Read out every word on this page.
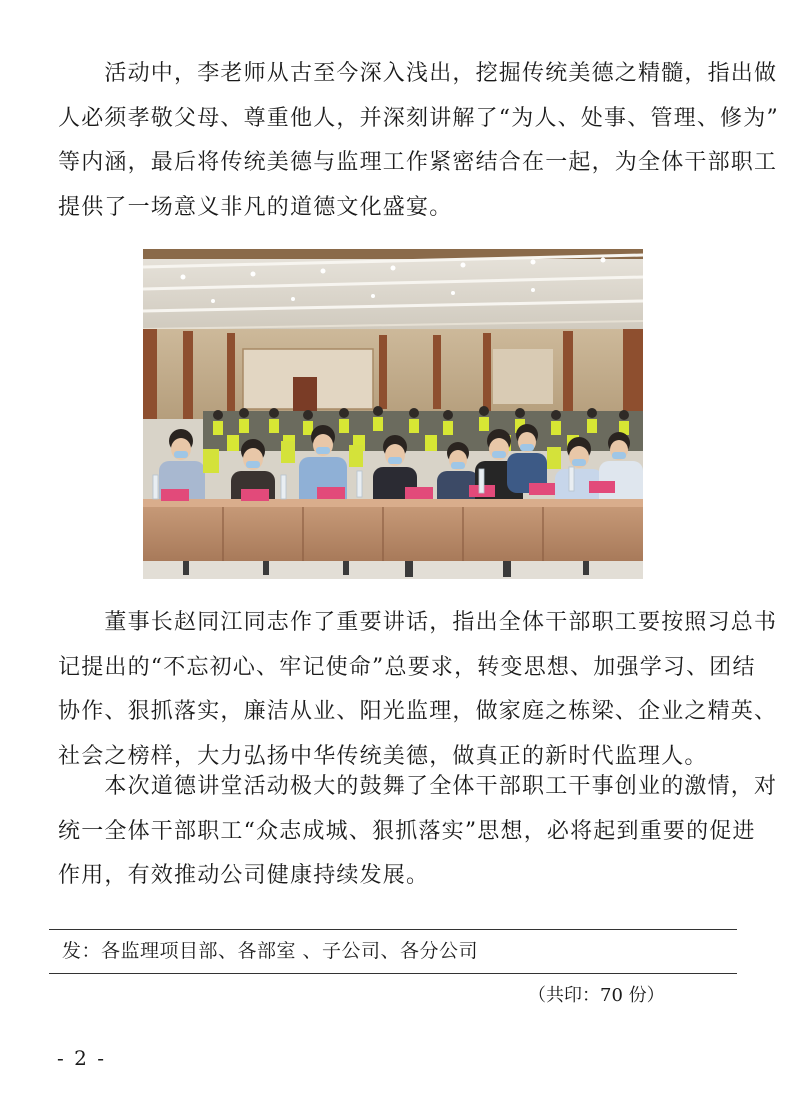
　　活动中，李老师从古至今深入浅出，挖掘传统美德之精髓，指出做
人必须孝敬父母、尊重他人，并深刻讲解了“为人、处事、管理、修为”
等内涵，最后将传统美德与监理工作紧密结合在一起，为全体干部职工
提供了一场意义非凡的道德文化盛宴。

　　董事长赵同江同志作了重要讲话，指出全体干部职工要按照习总书
记提出的“不忘初心、牢记使命”总要求，转变思想、加强学习、团结
协作、狠抓落实，廉洁从业、阳光监理，做家庭之栋梁、企业之精英、
社会之榜样，大力弘扬中华传统美德，做真正的新时代监理人。

　　本次道德讲堂活动极大的鼓舞了全体干部职工干事创业的激情，对
统一全体干部职工“众志成城、狠抓落实”思想，必将起到重要的促进
作用，有效推动公司健康持续发展。

发：各监理项目部、各部室 、子公司、各分公司
（共印：70 份）
- 2 -
